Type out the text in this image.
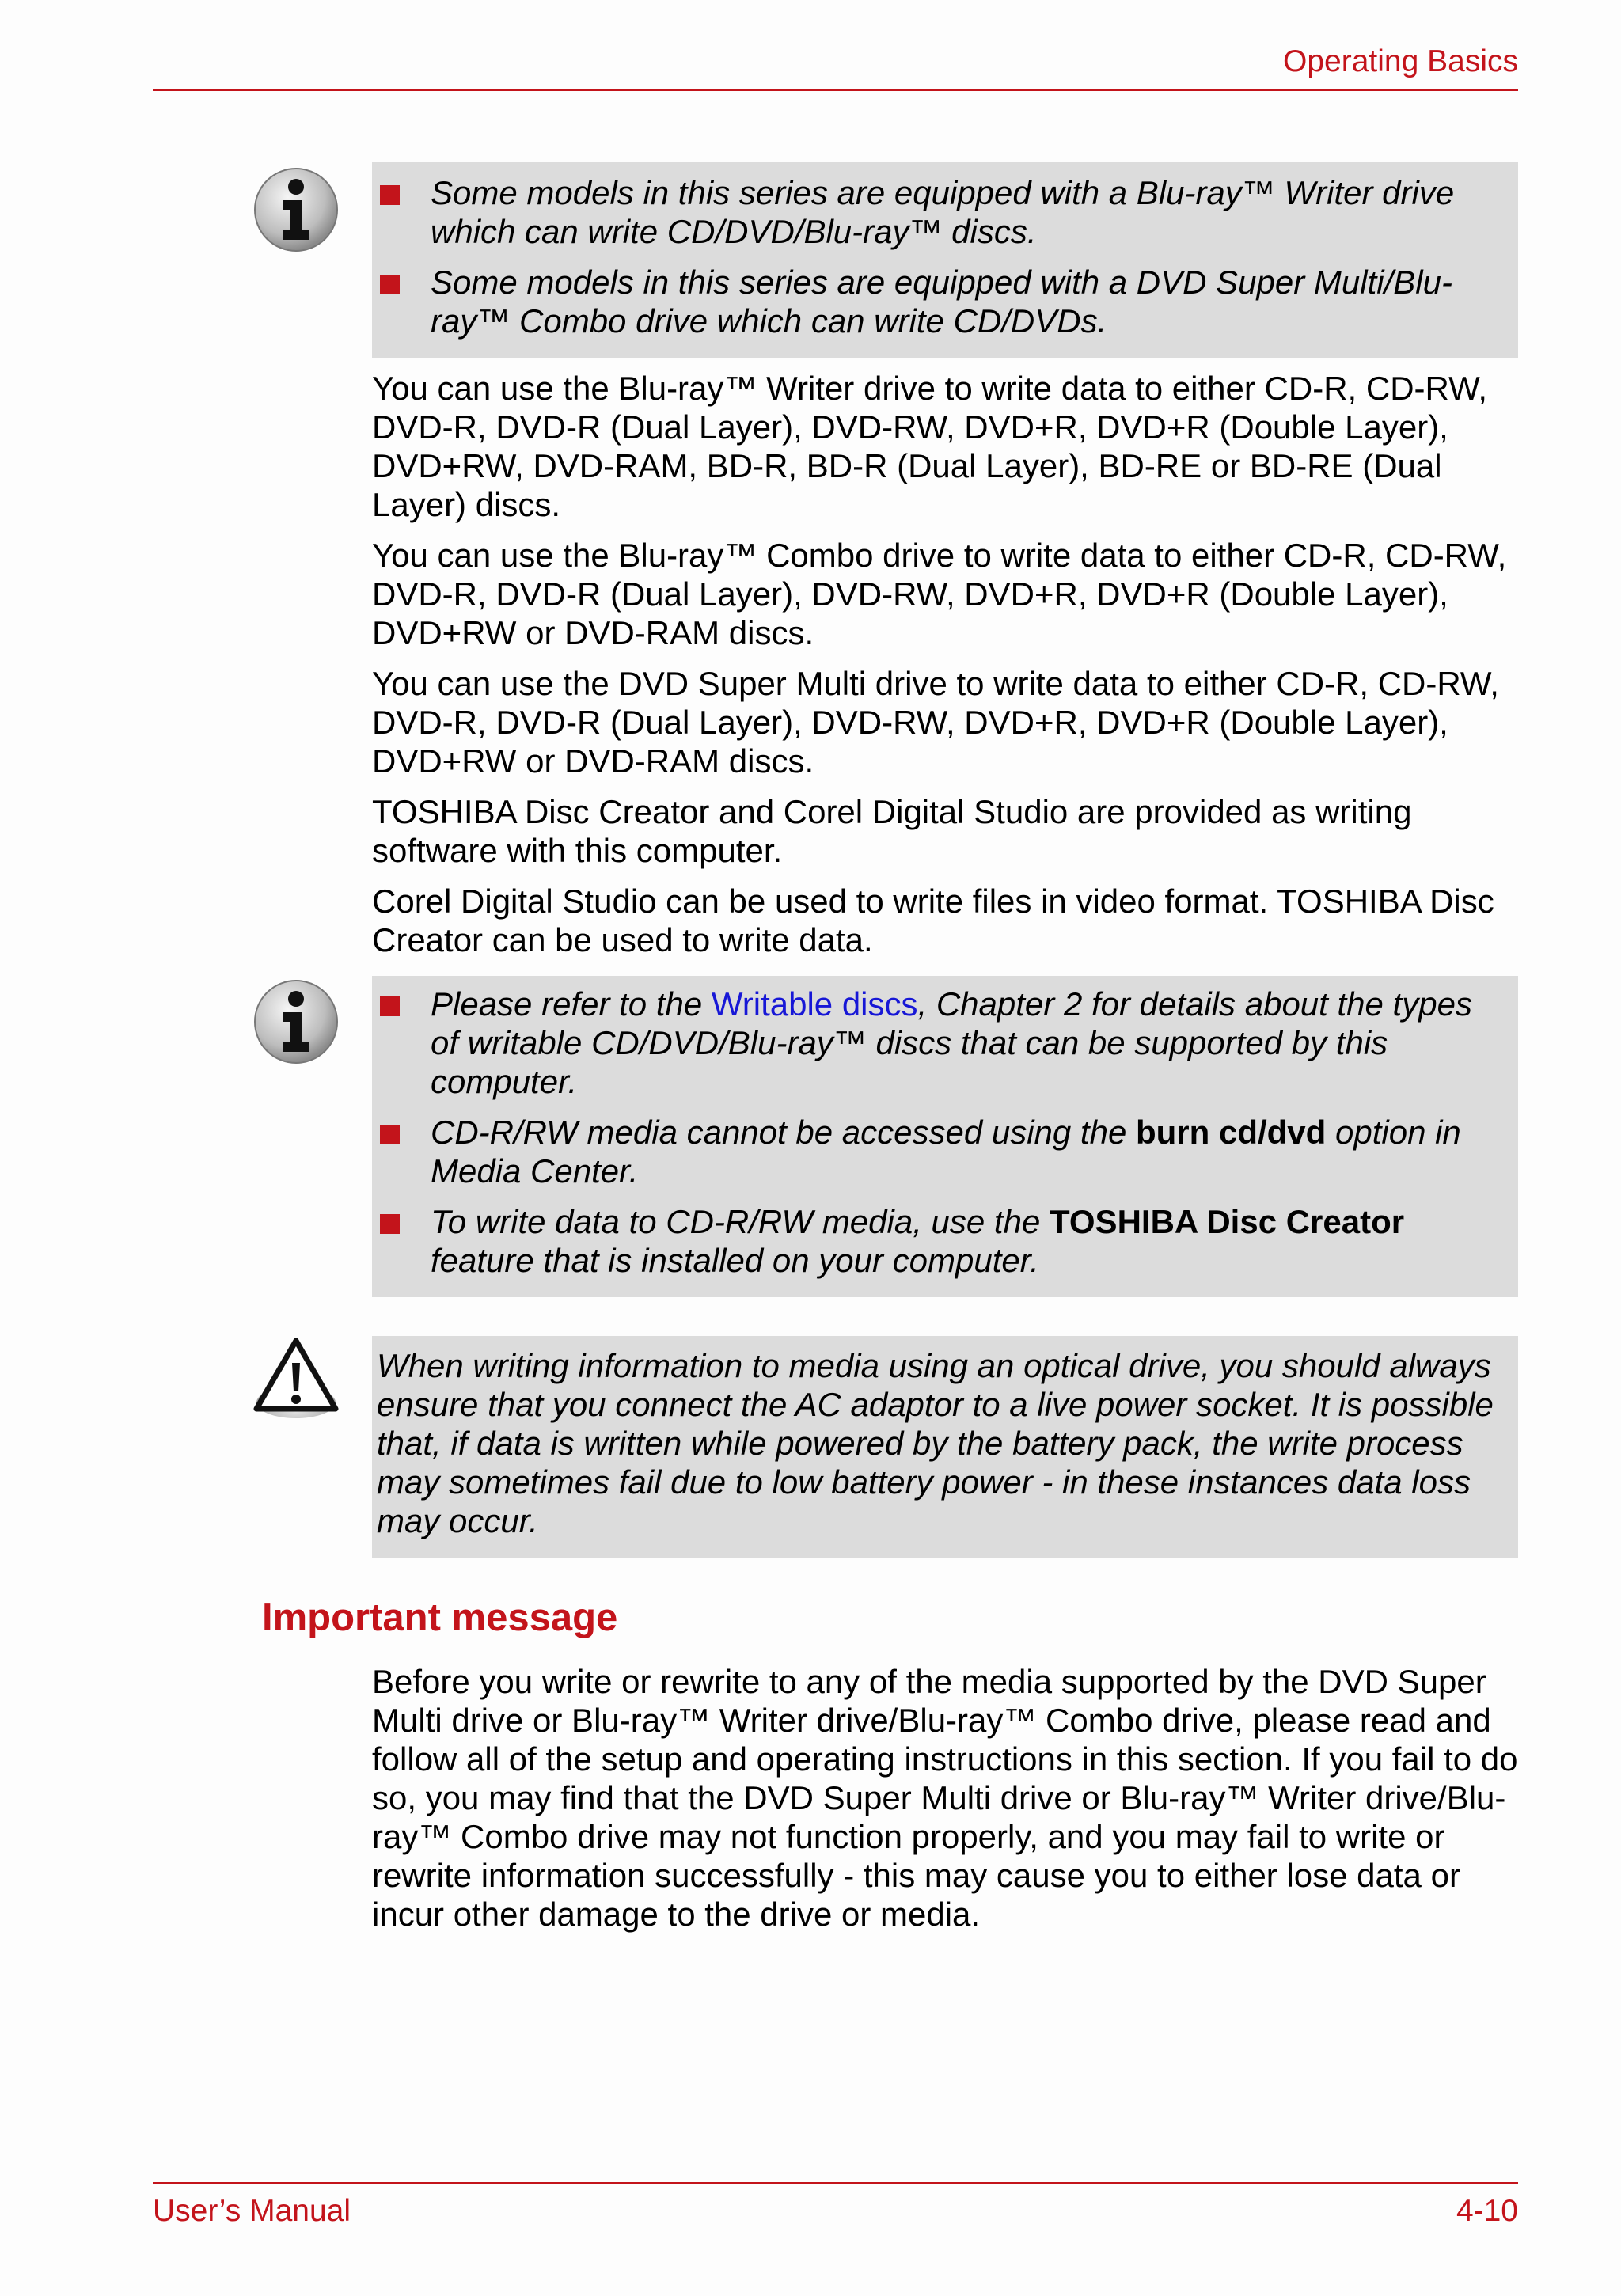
Operating Basics
Some models in this series are equipped with a Blu-ray™ Writer drive which can write CD/DVD/Blu-ray™ discs.
Some models in this series are equipped with a DVD Super Multi/Blu-ray™ Combo drive which can write CD/DVDs.

You can use the Blu-ray™ Writer drive to write data to either CD-R, CD-RW, DVD-R, DVD-R (Dual Layer), DVD-RW, DVD+R, DVD+R (Double Layer), DVD+RW, DVD-RAM, BD-R, BD-R (Dual Layer), BD-RE or BD-RE (Dual Layer) discs.

You can use the Blu-ray™ Combo drive to write data to either CD-R, CD-RW, DVD-R, DVD-R (Dual Layer), DVD-RW, DVD+R, DVD+R (Double Layer), DVD+RW or DVD-RAM discs.

You can use the DVD Super Multi drive to write data to either CD-R, CD-RW, DVD-R, DVD-R (Dual Layer), DVD-RW, DVD+R, DVD+R (Double Layer), DVD+RW or DVD-RAM discs.

TOSHIBA Disc Creator and Corel Digital Studio are provided as writing software with this computer.

Corel Digital Studio can be used to write files in video format. TOSHIBA Disc Creator can be used to write data.

Please refer to the Writable discs, Chapter 2 for details about the types of writable CD/DVD/Blu-ray™ discs that can be supported by this computer.
CD-R/RW media cannot be accessed using the burn cd/dvd option in Media Center.
To write data to CD-R/RW media, use the TOSHIBA Disc Creator feature that is installed on your computer.
When writing information to media using an optical drive, you should always ensure that you connect the AC adaptor to a live power socket. It is possible that, if data is written while powered by the battery pack, the write process may sometimes fail due to low battery power - in these instances data loss may occur.
Important message

Before you write or rewrite to any of the media supported by the DVD Super Multi drive or Blu-ray™ Writer drive/Blu-ray™ Combo drive, please read and follow all of the setup and operating instructions in this section. If you fail to do so, you may find that the DVD Super Multi drive or Blu-ray™ Writer drive/Blu-ray™ Combo drive may not function properly, and you may fail to write or rewrite information successfully - this may cause you to either lose data or incur other damage to the drive or media.

User’s Manual	4-10
